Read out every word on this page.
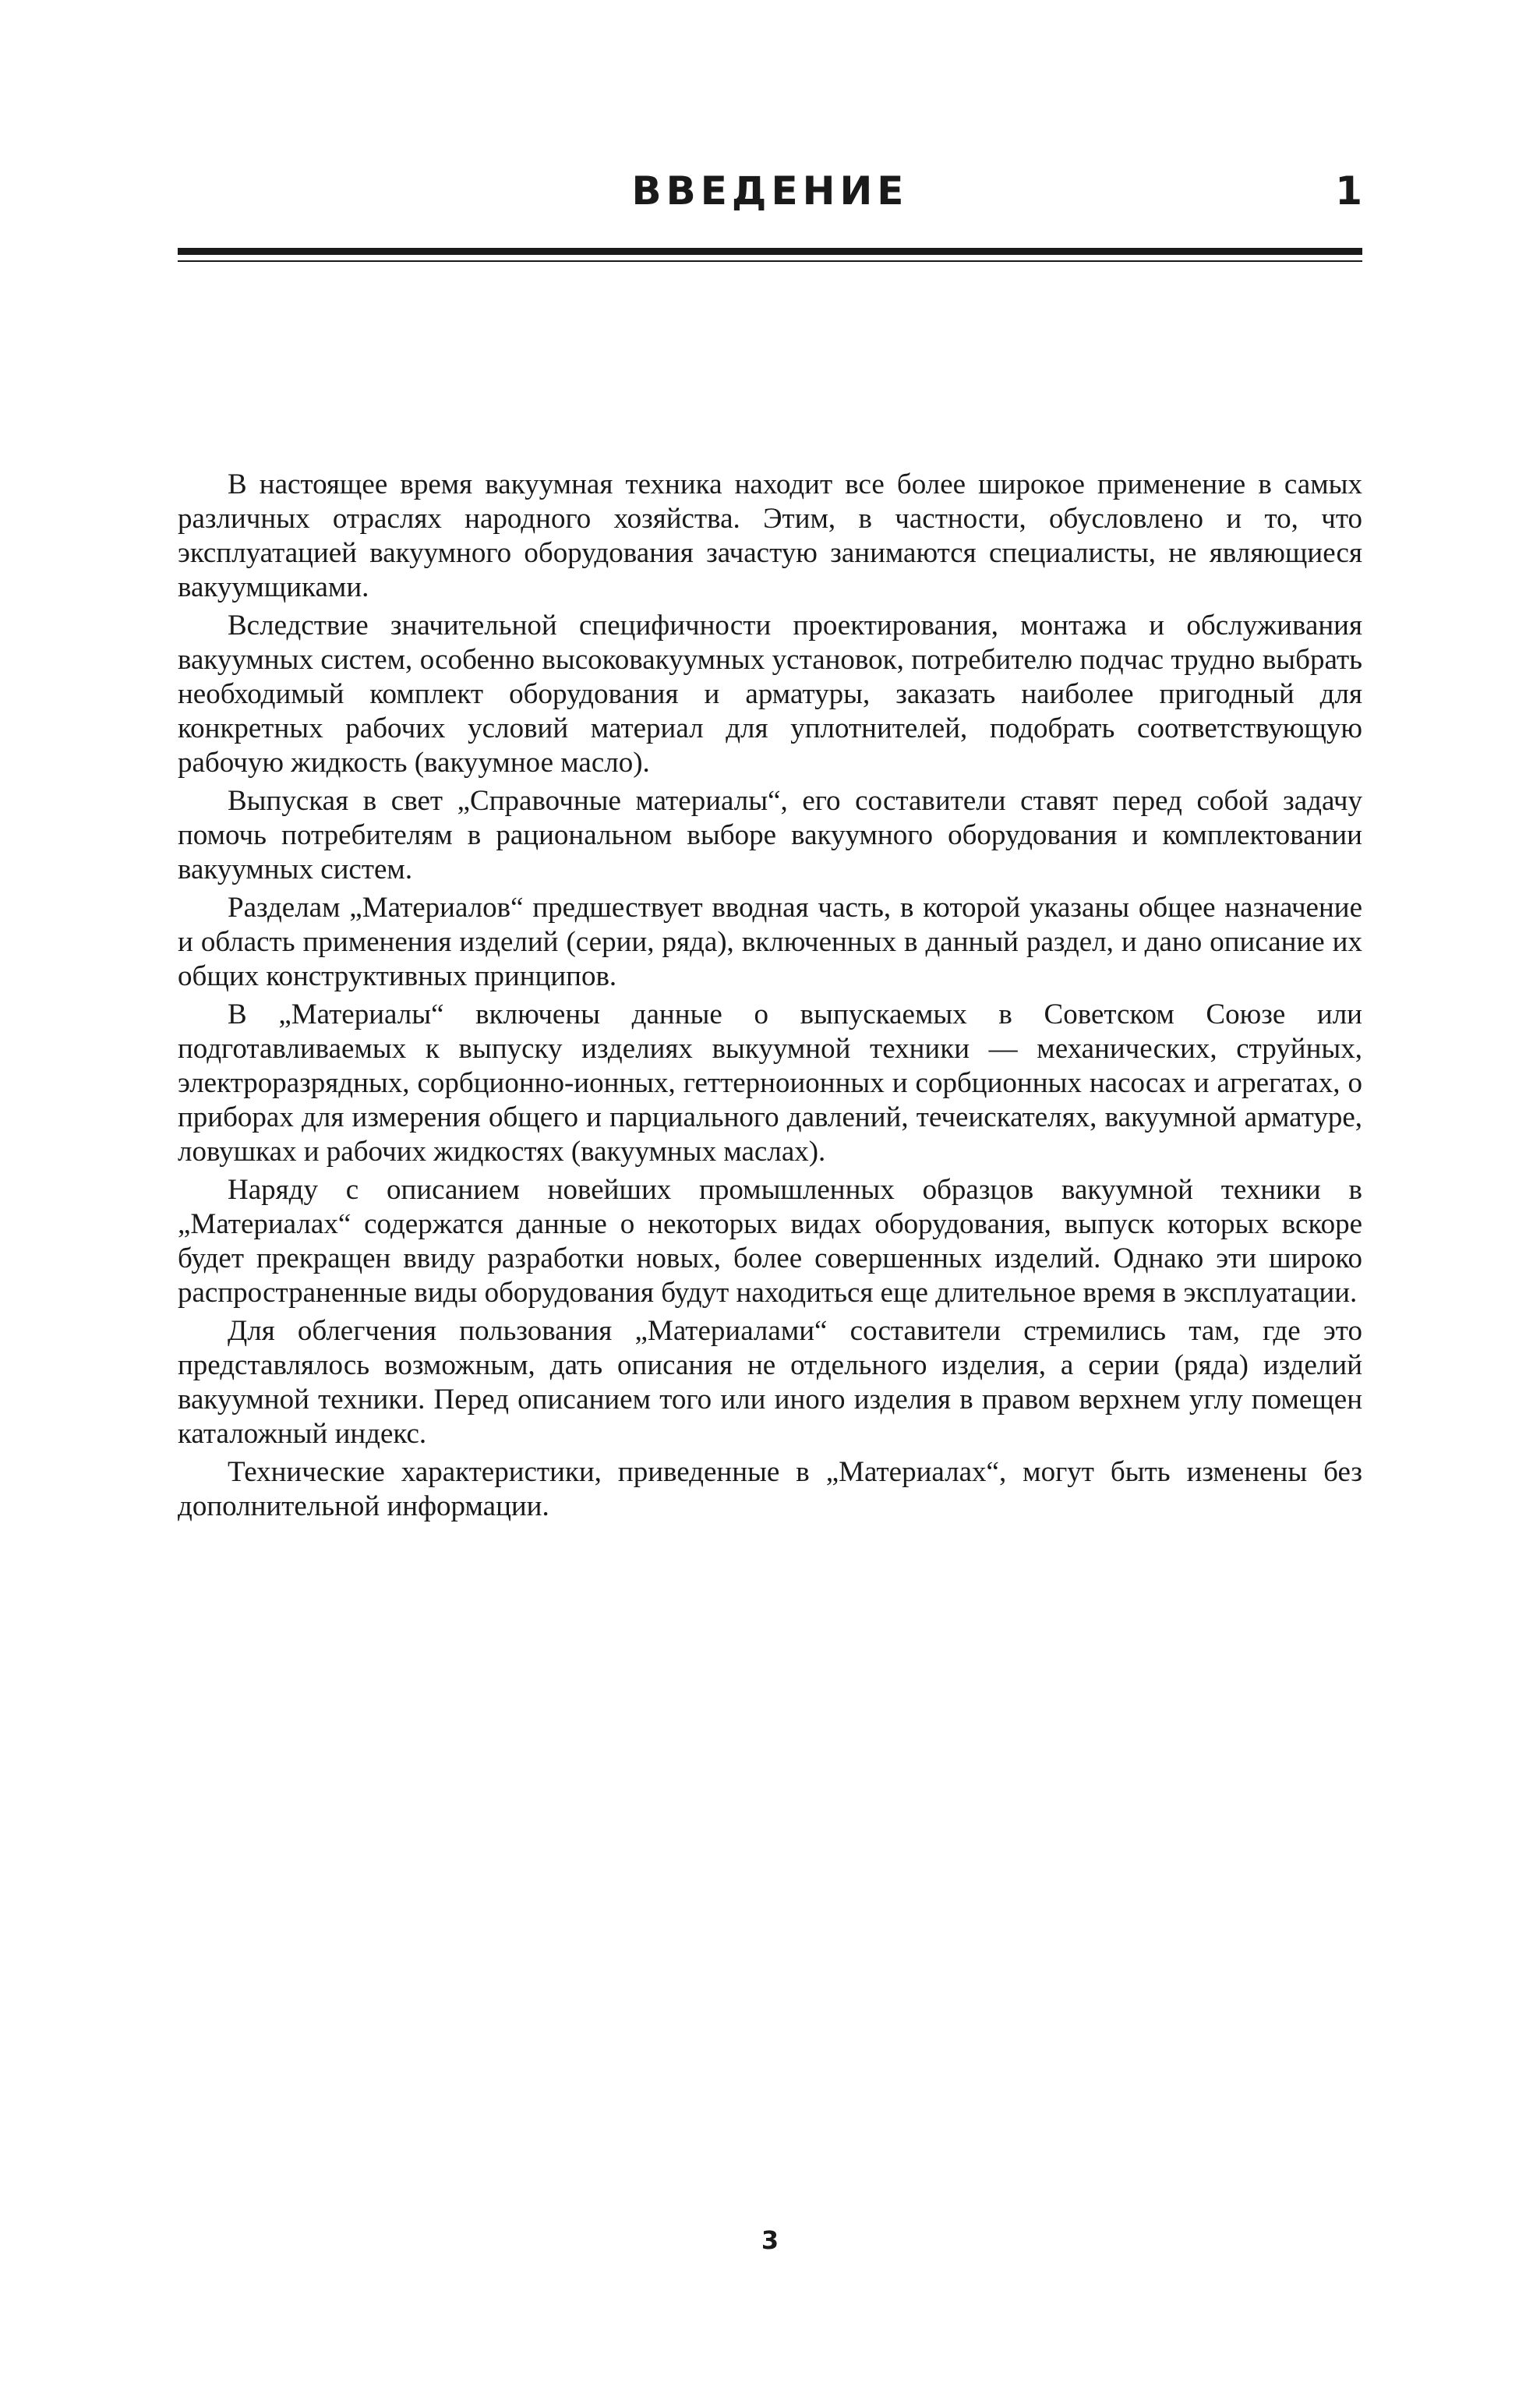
ВВЕДЕНИЕ	1

В настоящее время вакуумная техника находит все более широкое применение в самых различных отраслях народного хозяйства. Этим, в частности, обусловлено и то, что эксплуатацией вакуумного оборудования зачастую занимаются специалисты, не являющиеся вакуумщиками.

Вследствие значительной специфичности проектирования, монтажа и обслуживания вакуумных систем, особенно высоковакуумных установок, потребителю подчас трудно выбрать необходимый комплект оборудования и арматуры, заказать наиболее пригодный для конкретных рабочих условий материал для уплотнителей, подобрать соответствующую рабочую жидкость (вакуумное масло).

Выпуская в свет „Справочные материалы“, его составители ставят перед собой задачу помочь потребителям в рациональном выборе вакуумного оборудования и комплектовании вакуумных систем.

Разделам „Материалов“ предшествует вводная часть, в которой указаны общее назначение и область применения изделий (серии, ряда), включенных в данный раздел, и дано описание их общих конструктивных принципов.

В „Материалы“ включены данные о выпускаемых в Советском Союзе или подготавливаемых к выпуску изделиях выкуумной техники — механических, струйных, электроразрядных, сорбционно-ионных, геттерноионных и сорбционных насосах и агрегатах, о приборах для измерения общего и парциального давлений, течеискателях, вакуумной арматуре, ловушках и рабочих жидкостях (вакуумных маслах).

Наряду с описанием новейших промышленных образцов вакуумной техники в „Материалах“ содержатся данные о некоторых видах оборудования, выпуск которых вскоре будет прекращен ввиду разработки новых, более совершенных изделий. Однако эти широко распространенные виды оборудования будут находиться еще длительное время в эксплуатации.

Для облегчения пользования „Материалами“ составители стремились там, где это представлялось возможным, дать описания не отдельного изделия, а серии (ряда) изделий вакуумной техники. Перед описанием того или иного изделия в правом верхнем углу помещен каталожный индекс.

Технические характеристики, приведенные в „Материалах“, могут быть изменены без дополнительной информации.

3
